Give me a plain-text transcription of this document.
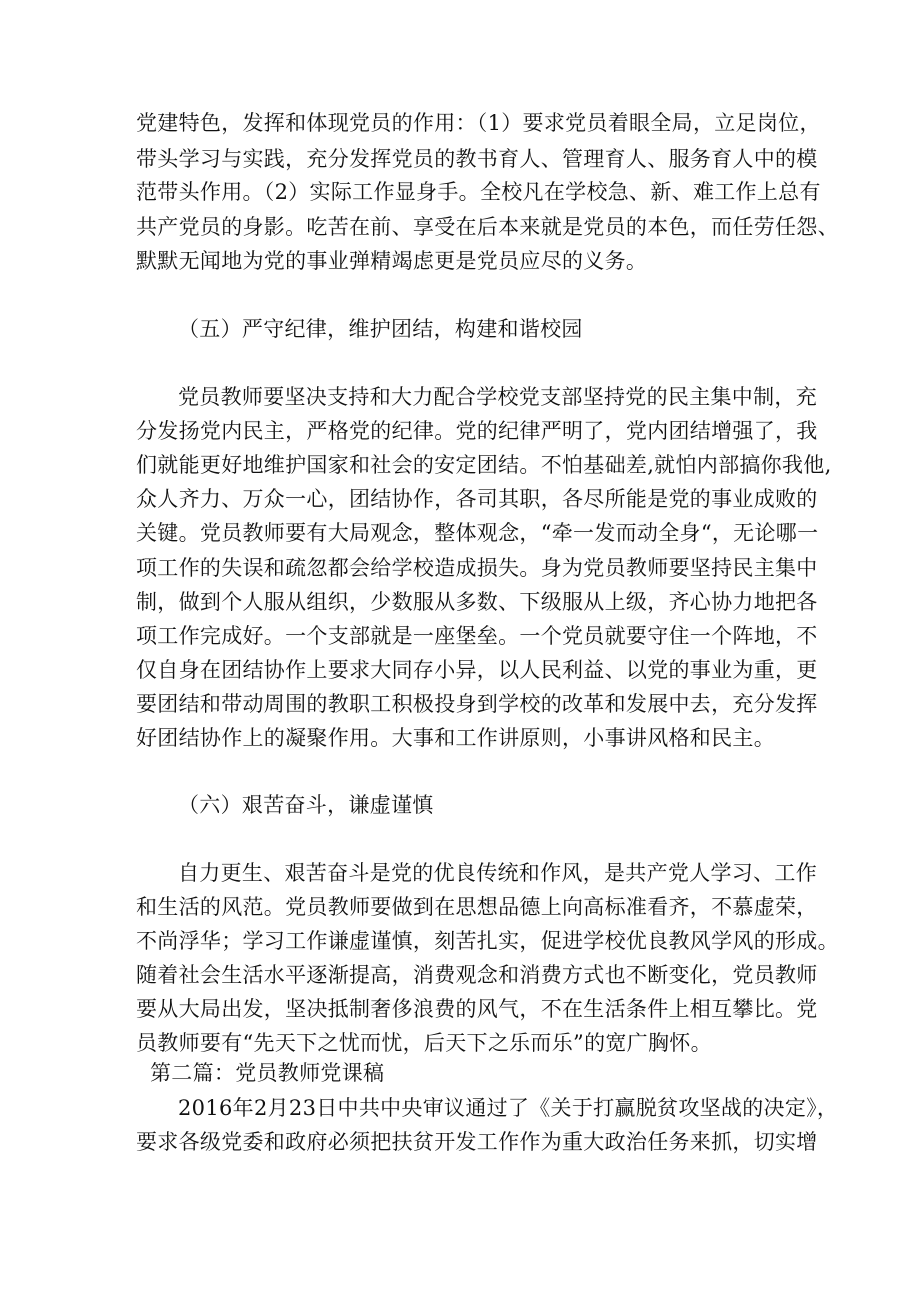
党建特色，发挥和体现党员的作用：（1）要求党员着眼全局，立足岗位，
带头学习与实践，充分发挥党员的教书育人、管理育人、服务育人中的模
范带头作用。（2）实际工作显身手。全校凡在学校急、新、难工作上总有
共产党员的身影。吃苦在前、享受在后本来就是党员的本色，而任劳任怨、
默默无闻地为党的事业弹精竭虑更是党员应尽的义务。
（五）严守纪律，维护团结，构建和谐校园
党员教师要坚决支持和大力配合学校党支部坚持党的民主集中制，充
分发扬党内民主，严格党的纪律。党的纪律严明了，党内团结增强了，我
们就能更好地维护国家和社会的安定团结。不怕基础差,就怕内部搞你我他,
众人齐力、万众一心，团结协作，各司其职，各尽所能是党的事业成败的
关键。党员教师要有大局观念，整体观念，“牵一发而动全身“，无论哪一
项工作的失误和疏忽都会给学校造成损失。身为党员教师要坚持民主集中
制，做到个人服从组织，少数服从多数、下级服从上级，齐心协力地把各
项工作完成好。一个支部就是一座堡垒。一个党员就要守住一个阵地，不
仅自身在团结协作上要求大同存小异，以人民利益、以党的事业为重，更
要团结和带动周围的教职工积极投身到学校的改革和发展中去，充分发挥
好团结协作上的凝聚作用。大事和工作讲原则，小事讲风格和民主。
（六）艰苦奋斗，谦虚谨慎
自力更生、艰苦奋斗是党的优良传统和作风，是共产党人学习、工作
和生活的风范。党员教师要做到在思想品德上向高标准看齐，不慕虚荣，
不尚浮华；学习工作谦虚谨慎，刻苦扎实，促进学校优良教风学风的形成。
随着社会生活水平逐渐提高，消费观念和消费方式也不断变化，党员教师
要从大局出发，坚决抵制奢侈浪费的风气，不在生活条件上相互攀比。党
员教师要有“先天下之忧而忧，后天下之乐而乐”的宽广胸怀。
第二篇：党员教师党课稿
2016年2月23日中共中央审议通过了《关于打赢脱贫攻坚战的决定》，
要求各级党委和政府必须把扶贫开发工作作为重大政治任务来抓，切实增
